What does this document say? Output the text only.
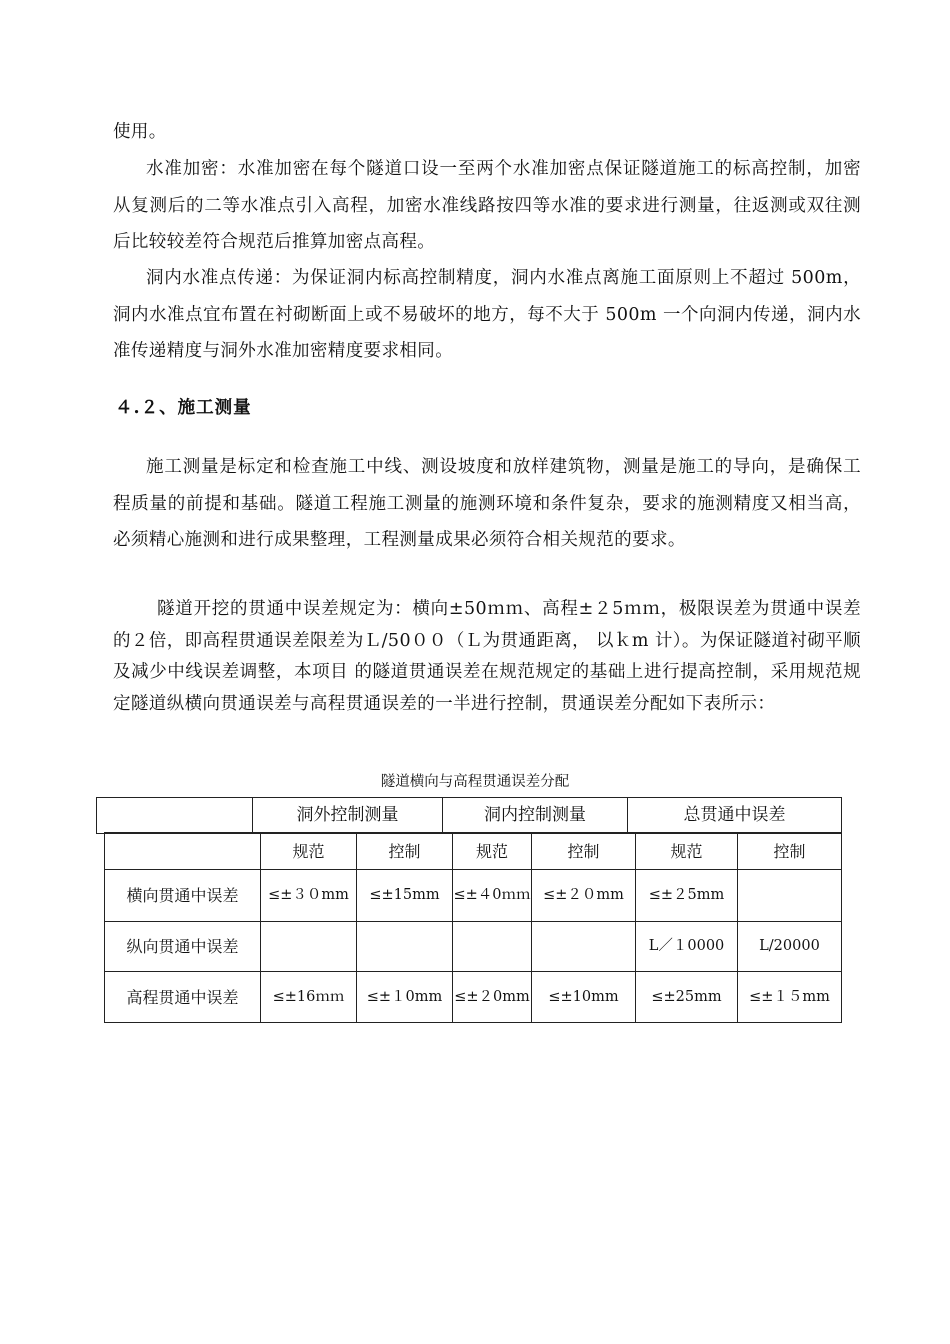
使用。
水准加密：水准加密在每个隧道口设一至两个水准加密点保证隧道施工的标高控制，加密从复测后的二等水准点引入高程，加密水准线路按四等水准的要求进行测量，往返测或双往测后比较较差符合规范后推算加密点高程。
洞内水准点传递：为保证洞内标高控制精度，洞内水准点离施工面原则上不超过 500m，洞内水准点宜布置在衬砌断面上或不易破坏的地方，每不大于 500m 一个向洞内传递，洞内水准传递精度与洞外水准加密精度要求相同。
４.２、施工测量
施工测量是标定和检查施工中线、测设坡度和放样建筑物，测量是施工的导向，是确保工程质量的前提和基础。隧道工程施工测量的施测环境和条件复杂，要求的施测精度又相当高，必须精心施测和进行成果整理，工程测量成果必须符合相关规范的要求。
隧道开挖的贯通中误差规定为：横向±50ｍｍ、高程±２5ｍｍ，极限误差为贯通中误差的２倍，即高程贯通误差限差为Ｌ/50００（Ｌ为贯通距离， 以ｋm 计）。为保证隧道衬砌平顺及减少中线误差调整，本项目 的隧道贯通误差在规范规定的基础上进行提高控制，采用规范规定隧道纵横向贯通误差与高程贯通误差的一半进行控制，贯通误差分配如下表所示：
隧道横向与高程贯通误差分配
	洞外控制测量	洞内控制测量	总贯通中误差
	规范	控制	规范	控制	规范	控制
横向贯通中误差	≤±３０mm	≤±15mm	≤±４0ｍｍ	≤±２０mm	≤±２5mm	
纵向贯通中误差					L／１0000	L/20000
高程贯通中误差	≤±16ｍｍ	≤±１0mm	≤±２0mm	≤±10mm	≤±25mm	≤±１５mm
